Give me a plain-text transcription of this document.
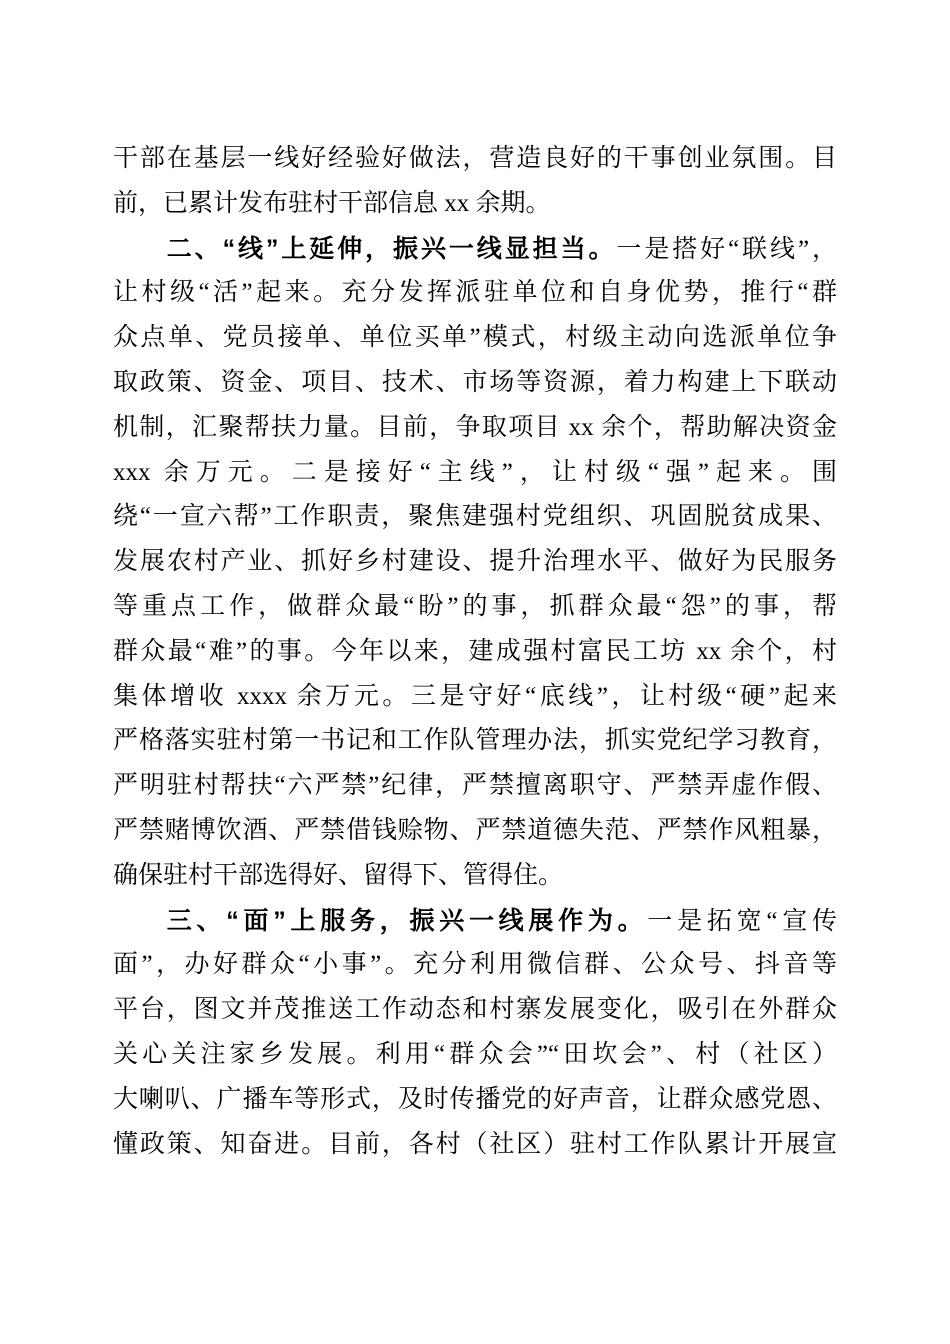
干部在基层一线好经验好做法，营造良好的干事创业氛围。目
前，已累计发布驻村干部信息 xx 余期。
二、“线”上延伸，振兴一线显担当。一是搭好“联线”，
让村级“活”起来。充分发挥派驻单位和自身优势，推行“群
众点单、党员接单、单位买单”模式，村级主动向选派单位争
取政策、资金、项目、技术、市场等资源，着力构建上下联动
机制，汇聚帮扶力量。目前，争取项目 xx 余个，帮助解决资金
xxx 余万元。二是接好“主线”，让村级“强”起来。围
绕“一宣六帮”工作职责，聚焦建强村党组织、巩固脱贫成果、
发展农村产业、抓好乡村建设、提升治理水平、做好为民服务
等重点工作，做群众最“盼”的事，抓群众最“怨”的事，帮
群众最“难”的事。今年以来，建成强村富民工坊 xx 余个，村
集体增收 xxxx 余万元。三是守好“底线”，让村级“硬”起来
严格落实驻村第一书记和工作队管理办法，抓实党纪学习教育，
严明驻村帮扶“六严禁”纪律，严禁擅离职守、严禁弄虚作假、
严禁赌博饮酒、严禁借钱赊物、严禁道德失范、严禁作风粗暴，
确保驻村干部选得好、留得下、管得住。
三、“面”上服务，振兴一线展作为。一是拓宽“宣传
面”，办好群众“小事”。充分利用微信群、公众号、抖音等
平台，图文并茂推送工作动态和村寨发展变化，吸引在外群众
关心关注家乡发展。利用“群众会”“田坎会”、村（社区）
大喇叭、广播车等形式，及时传播党的好声音，让群众感党恩、
懂政策、知奋进。目前，各村（社区）驻村工作队累计开展宣
